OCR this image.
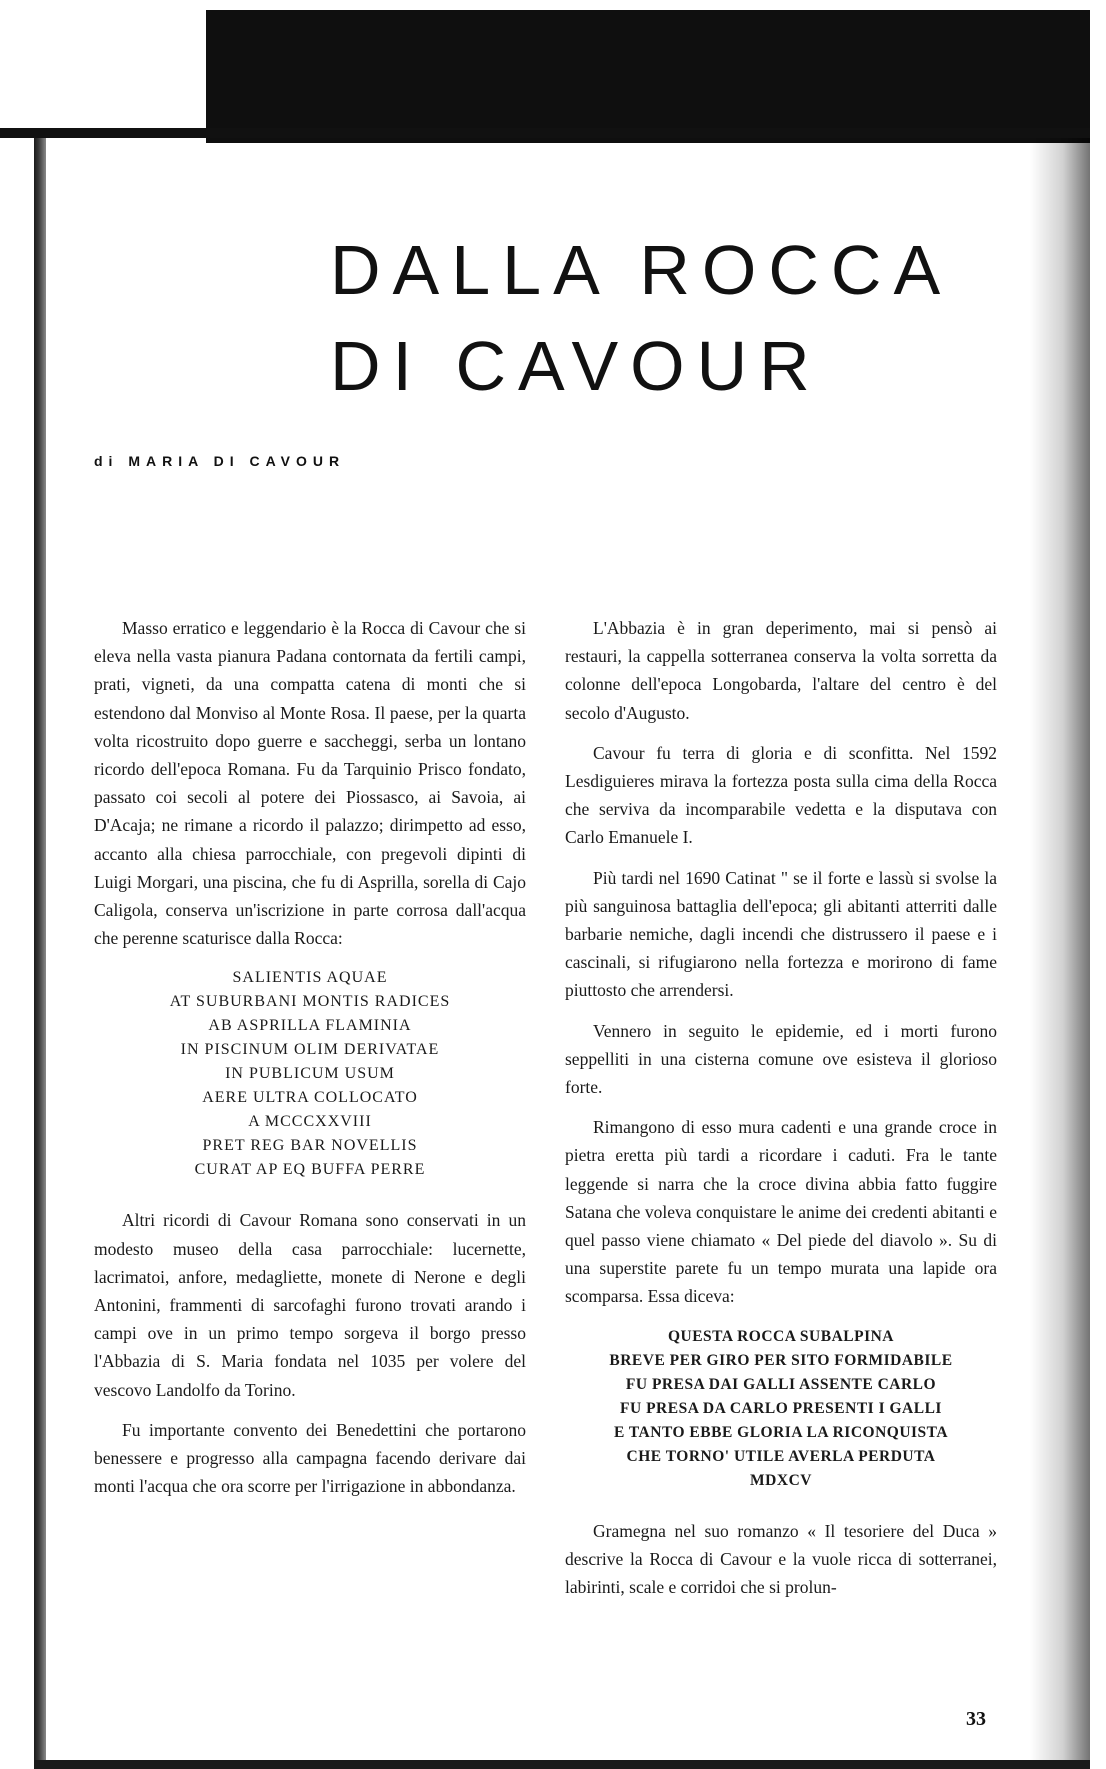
DALLA ROCCA
DI CAVOUR
di MARIA DI CAVOUR

Masso erratico e leggendario è la Rocca di Cavour che si eleva nella vasta pianura Padana contornata da fertili campi, prati, vigneti, da una compatta catena di monti che si estendono dal Monviso al Monte Rosa. Il paese, per la quarta volta ricostruito dopo guerre e saccheggi, serba un lontano ricordo dell'epoca Romana. Fu da Tarquinio Prisco fondato, passato coi secoli al potere dei Piossasco, ai Savoia, ai D'Acaja; ne rimane a ricordo il palazzo; dirimpetto ad esso, accanto alla chiesa parrocchiale, con pregevoli dipinti di Luigi Morgari, una piscina, che fu di Asprilla, sorella di Cajo Caligola, conserva un'iscrizione in parte corrosa dall'acqua che perenne scaturisce dalla Rocca:

SALIENTIS AQUAE
AT SUBURBANI MONTIS RADICES
AB ASPRILLA FLAMINIA
IN PISCINUM OLIM DERIVATAE
IN PUBLICUM USUM
AERE ULTRA COLLOCATO
A MCCCXXVIII
PRET REG BAR NOVELLIS
CURAT AP EQ BUFFA PERRE

Altri ricordi di Cavour Romana sono conservati in un modesto museo della casa parrocchiale: lucernette, lacrimatoi, anfore, medagliette, monete di Nerone e degli Antonini, frammenti di sarcofaghi furono trovati arando i campi ove in un primo tempo sorgeva il borgo presso l'Abbazia di S. Maria fondata nel 1035 per volere del vescovo Landolfo da Torino.

Fu importante convento dei Benedettini che portarono benessere e progresso alla campagna facendo derivare dai monti l'acqua che ora scorre per l'irrigazione in abbondanza.

L'Abbazia è in gran deperimento, mai si pensò ai restauri, la cappella sotterranea conserva la volta sorretta da colonne dell'epoca Longobarda, l'altare del centro è del secolo d'Augusto.

Cavour fu terra di gloria e di sconfitta. Nel 1592 Lesdiguieres mirava la fortezza posta sulla cima della Rocca che serviva da incomparabile vedetta e la disputava con Carlo Emanuele I.

Più tardi nel 1690 Catinat " se il forte e lassù si svolse la più sanguinosa battaglia dell'epoca; gli abitanti atterriti dalle barbarie nemiche, dagli incendi che distrussero il paese e i cascinali, si rifugiarono nella fortezza e morirono di fame piuttosto che arrendersi.

Vennero in seguito le epidemie, ed i morti furono seppelliti in una cisterna comune ove esisteva il glorioso forte.

Rimangono di esso mura cadenti e una grande croce in pietra eretta più tardi a ricordare i caduti. Fra le tante leggende si narra che la croce divina abbia fatto fuggire Satana che voleva conquistare le anime dei credenti abitanti e quel passo viene chiamato « Del piede del diavolo ». Su di una superstite parete fu un tempo murata una lapide ora scomparsa. Essa diceva:

QUESTA ROCCA SUBALPINA
BREVE PER GIRO PER SITO FORMIDABILE
FU PRESA DAI GALLI ASSENTE CARLO
FU PRESA DA CARLO PRESENTI I GALLI
E TANTO EBBE GLORIA LA RICONQUISTA
CHE TORNO' UTILE AVERLA PERDUTA
MDXCV

Gramegna nel suo romanzo « Il tesoriere del Duca » descrive la Rocca di Cavour e la vuole ricca di sotterranei, labirinti, scale e corridoi che si prolun-

33
